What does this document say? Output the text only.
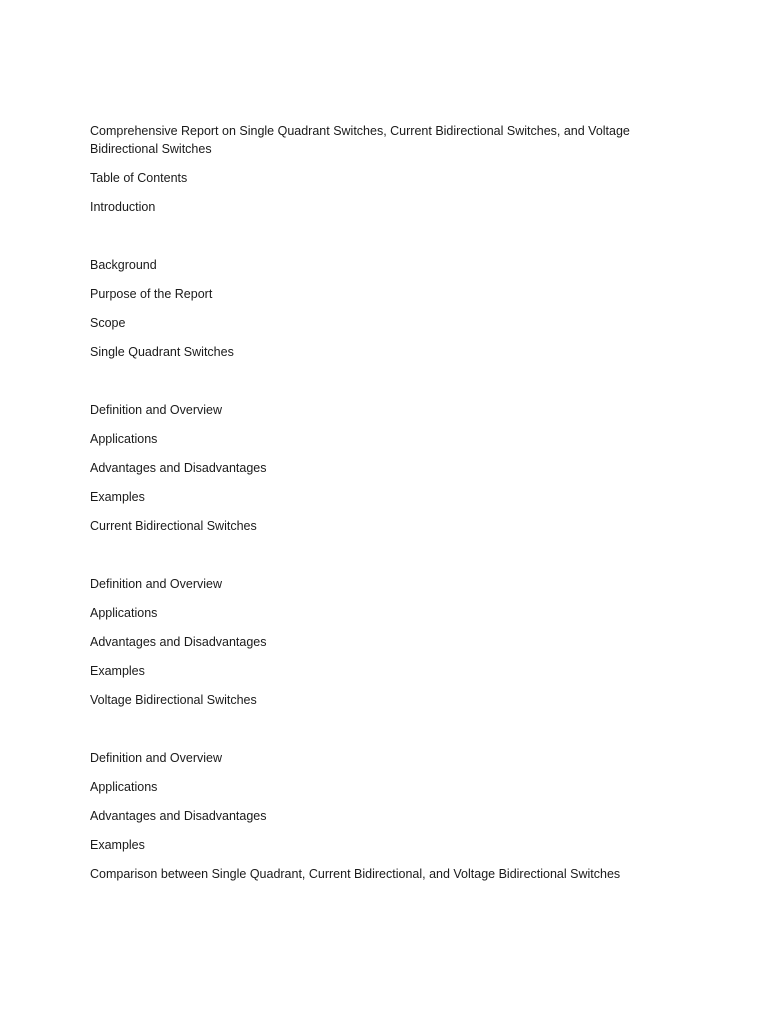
Comprehensive Report on Single Quadrant Switches, Current Bidirectional Switches, and Voltage Bidirectional Switches

Table of Contents

Introduction

Background

Purpose of the Report

Scope

Single Quadrant Switches

Definition and Overview

Applications

Advantages and Disadvantages

Examples

Current Bidirectional Switches

Definition and Overview

Applications

Advantages and Disadvantages

Examples

Voltage Bidirectional Switches

Definition and Overview

Applications

Advantages and Disadvantages

Examples

Comparison between Single Quadrant, Current Bidirectional, and Voltage Bidirectional Switches
